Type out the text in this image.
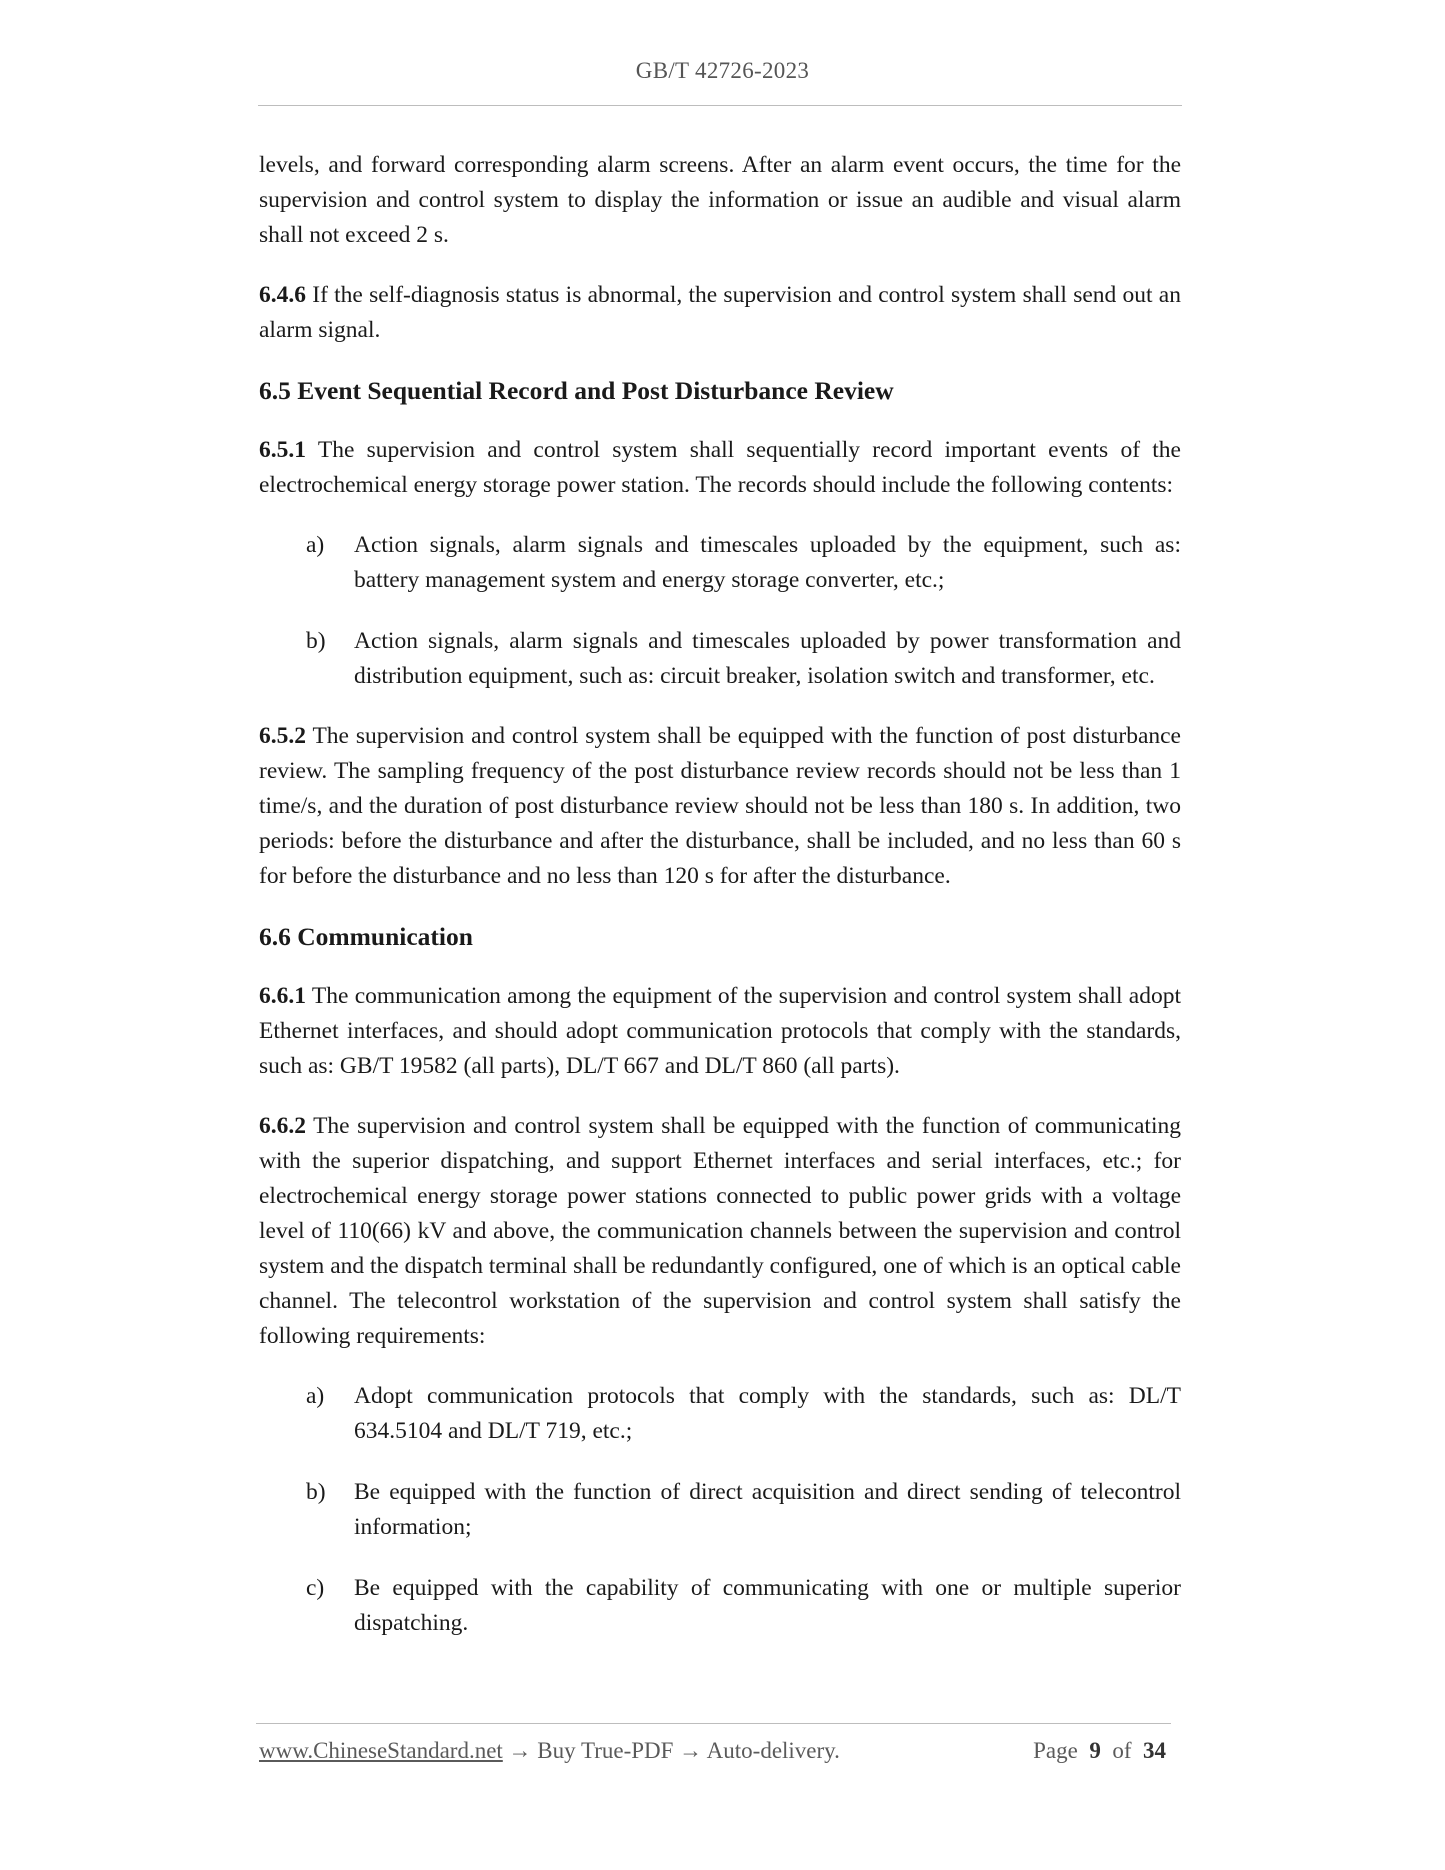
GB/T 42726-2023

levels, and forward corresponding alarm screens. After an alarm event occurs, the time for the supervision and control system to display the information or issue an audible and visual alarm shall not exceed 2 s.

6.4.6 If the self-diagnosis status is abnormal, the supervision and control system shall send out an alarm signal.

6.5 Event Sequential Record and Post Disturbance Review

6.5.1 The supervision and control system shall sequentially record important events of the electrochemical energy storage power station. The records should include the following contents:

a)	Action signals, alarm signals and timescales uploaded by the equipment, such as: battery management system and energy storage converter, etc.;

b)	Action signals, alarm signals and timescales uploaded by power transformation and distribution equipment, such as: circuit breaker, isolation switch and transformer, etc.

6.5.2 The supervision and control system shall be equipped with the function of post disturbance review. The sampling frequency of the post disturbance review records should not be less than 1 time/s, and the duration of post disturbance review should not be less than 180 s. In addition, two periods: before the disturbance and after the disturbance, shall be included, and no less than 60 s for before the disturbance and no less than 120 s for after the disturbance.

6.6 Communication

6.6.1 The communication among the equipment of the supervision and control system shall adopt Ethernet interfaces, and should adopt communication protocols that comply with the standards, such as: GB/T 19582 (all parts), DL/T 667 and DL/T 860 (all parts).

6.6.2 The supervision and control system shall be equipped with the function of communicating with the superior dispatching, and support Ethernet interfaces and serial interfaces, etc.; for electrochemical energy storage power stations connected to public power grids with a voltage level of 110(66) kV and above, the communication channels between the supervision and control system and the dispatch terminal shall be redundantly configured, one of which is an optical cable channel. The telecontrol workstation of the supervision and control system shall satisfy the following requirements:

a)	Adopt communication protocols that comply with the standards, such as: DL/T 634.5104 and DL/T 719, etc.;

b)	Be equipped with the function of direct acquisition and direct sending of telecontrol information;

c)	Be equipped with the capability of communicating with one or multiple superior dispatching.

www.ChineseStandard.net → Buy True-PDF → Auto-delivery.	Page 9 of 34
